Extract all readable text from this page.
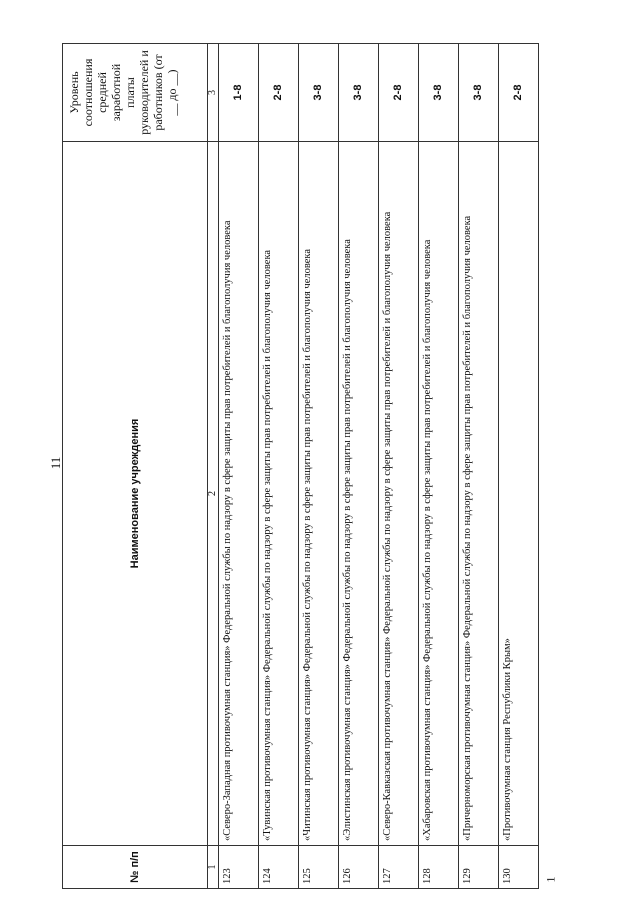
11
№ п/п	Наименование учреждения	Уровень соотношения средней заработной платы руководителей и работников (от __ до __)
1	2	3
123	«Северо-Западная противочумная станция» Федеральной службы по надзору в сфере защиты прав потребителей и благополучия человека	1-8
124	«Тувинская противочумная станция» Федеральной службы по надзору в сфере защиты прав потребителей и благополучия человека	2-8
125	«Читинская противочумная станция» Федеральной службы по надзору в сфере защиты прав потребителей и благополучия человека	3-8
126	«Элистинская противочумная станция» Федеральной службы по надзору в сфере защиты прав потребителей и благополучия человека	3-8
127	«Северо-Кавказская противочумная станция» Федеральной службы по надзору в сфере защиты прав потребителей и благополучия человека	2-8
128	«Хабаровская противочумная станция» Федеральной службы по надзору в сфере защиты прав потребителей и благополучия человека	3-8
129	«Причерноморская противочумная станция» Федеральной службы по надзору в сфере защиты прав потребителей и благополучия человека	3-8
130	«Противочумная станция Республики Крым»	2-8
1
